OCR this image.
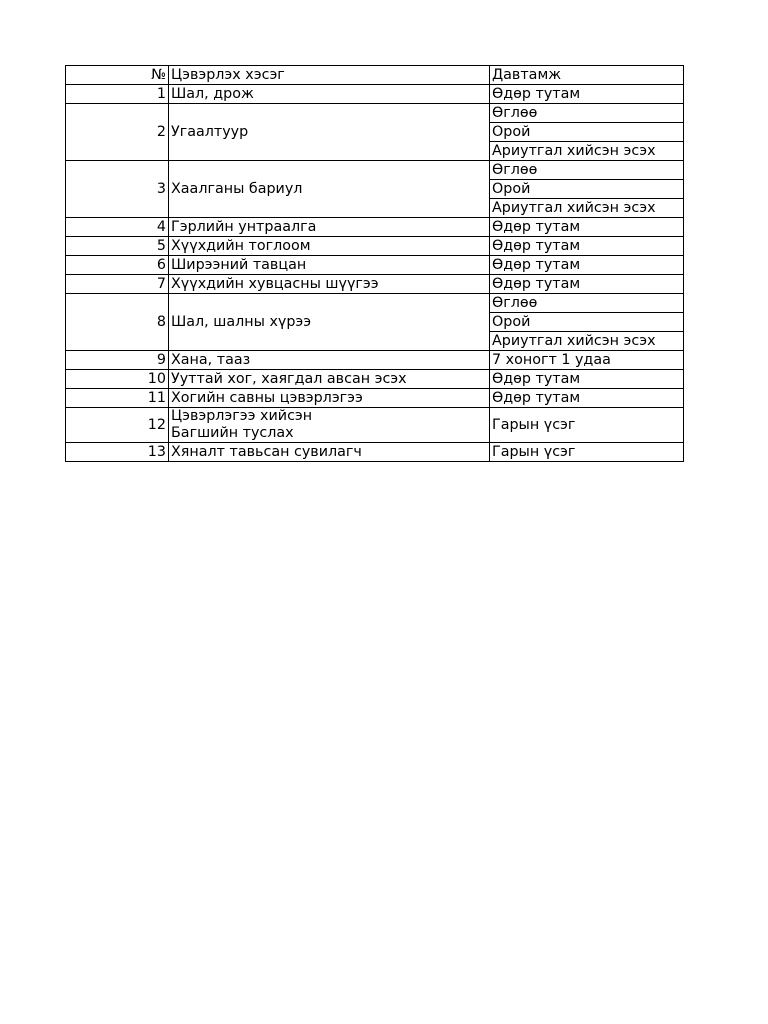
№	Цэвэрлэх хэсэг	Давтамж
1	Шал, дрож	Өдөр тутам
2	Угаалтуур	Өглөө
		Орой
		Ариутгал хийсэн эсэх
3	Хаалганы бариул	Өглөө
		Орой
		Ариутгал хийсэн эсэх
4	Гэрлийн унтраалга	Өдөр тутам
5	Хүүхдийн тоглоом	Өдөр тутам
6	Ширээний тавцан	Өдөр тутам
7	Хүүхдийн хувцасны шүүгээ	Өдөр тутам
8	Шал, шалны хүрээ	Өглөө
		Орой
		Ариутгал хийсэн эсэх
9	Хана, тааз	7 хоногт 1 удаа
10	Ууттай хог, хаягдал авсан эсэх	Өдөр тутам
11	Хогийн савны цэвэрлэгээ	Өдөр тутам
12	Цэвэрлэгээ хийсэн
Багшийн туслах	Гарын үсэг
13	Хяналт тавьсан сувилагч	Гарын үсэг
